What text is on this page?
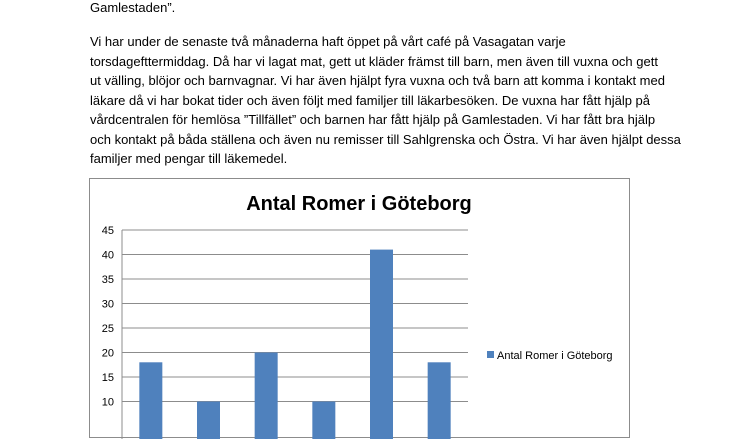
Gamlestaden”.

Vi har under de senaste två månaderna haft öppet på vårt café på Vasagatan varje
torsdagefttermiddag. Då har vi lagat mat, gett ut kläder främst till barn, men även till vuxna och gett
ut välling, blöjor och barnvagnar. Vi har även hjälpt fyra vuxna och två barn att komma i kontakt med
läkare då vi har bokat tider och även följt med familjer till läkarbesöken. De vuxna har fått hjälp på
vårdcentralen för hemlösa ”Tillfället” och barnen har fått hjälp på Gamlestaden. Vi har fått bra hjälp
och kontakt på båda ställena och även nu remisser till Sahlgrenska och Östra. Vi har även hjälpt dessa
familjer med pengar till läkemedel.

Antal Romer i Göteborg
10
15
20
25
30
35
40
45
Antal Romer i Göteborg
